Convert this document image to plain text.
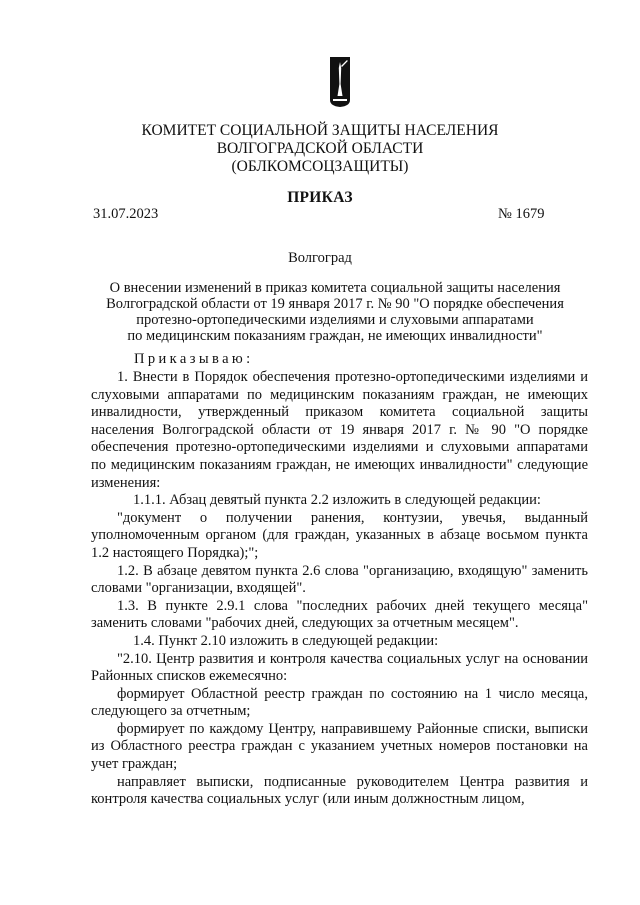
КОМИТЕТ СОЦИАЛЬНОЙ ЗАЩИТЫ НАСЕЛЕНИЯ
ВОЛГОГРАДСКОЙ ОБЛАСТИ
(ОБЛКОМСОЦЗАЩИТЫ)
ПРИКАЗ
31.07.2023	№ 1679
Волгоград
О внесении изменений в приказ комитета социальной защиты населения
Волгоградской области от 19 января 2017 г. № 90 "О порядке обеспечения
протезно-ортопедическими изделиями и слуховыми аппаратами
по медицинским показаниям граждан, не имеющих инвалидности"
Приказываю:

1. Внести в Порядок обеспечения протезно-ортопедическими изделиями и слуховыми аппаратами по медицинским показаниям граждан, не имеющих инвалидности, утвержденный приказом комитета социальной защиты населения Волгоградской области от 19 января 2017 г. № 90 "О порядке обеспечения протезно-ортопедическими изделиями и слуховыми аппаратами по медицинским показаниям граждан, не имеющих инвалидности" следующие изменения:

1.1.1. Абзац девятый пункта 2.2 изложить в следующей редакции:

"документ о получении ранения, контузии, увечья, выданный

уполномоченным органом (для граждан, указанных в абзаце восьмом пункта 1.2 настоящего Порядка);";

1.2. В абзаце девятом пункта 2.6 слова "организацию, входящую" заменить словами "организации, входящей".

1.3. В пункте 2.9.1 слова "последних рабочих дней текущего месяца" заменить словами "рабочих дней, следующих за отчетным месяцем".

1.4. Пункт 2.10 изложить в следующей редакции:

"2.10. Центр развития и контроля качества социальных услуг на основании Районных списков ежемесячно:

формирует Областной реестр граждан по состоянию на 1 число месяца, следующего за отчетным;

формирует по каждому Центру, направившему Районные списки, выписки из Областного реестра граждан с указанием учетных номеров постановки на учет граждан;

направляет выписки, подписанные руководителем Центра развития и контроля качества социальных услуг (или иным должностным лицом,
